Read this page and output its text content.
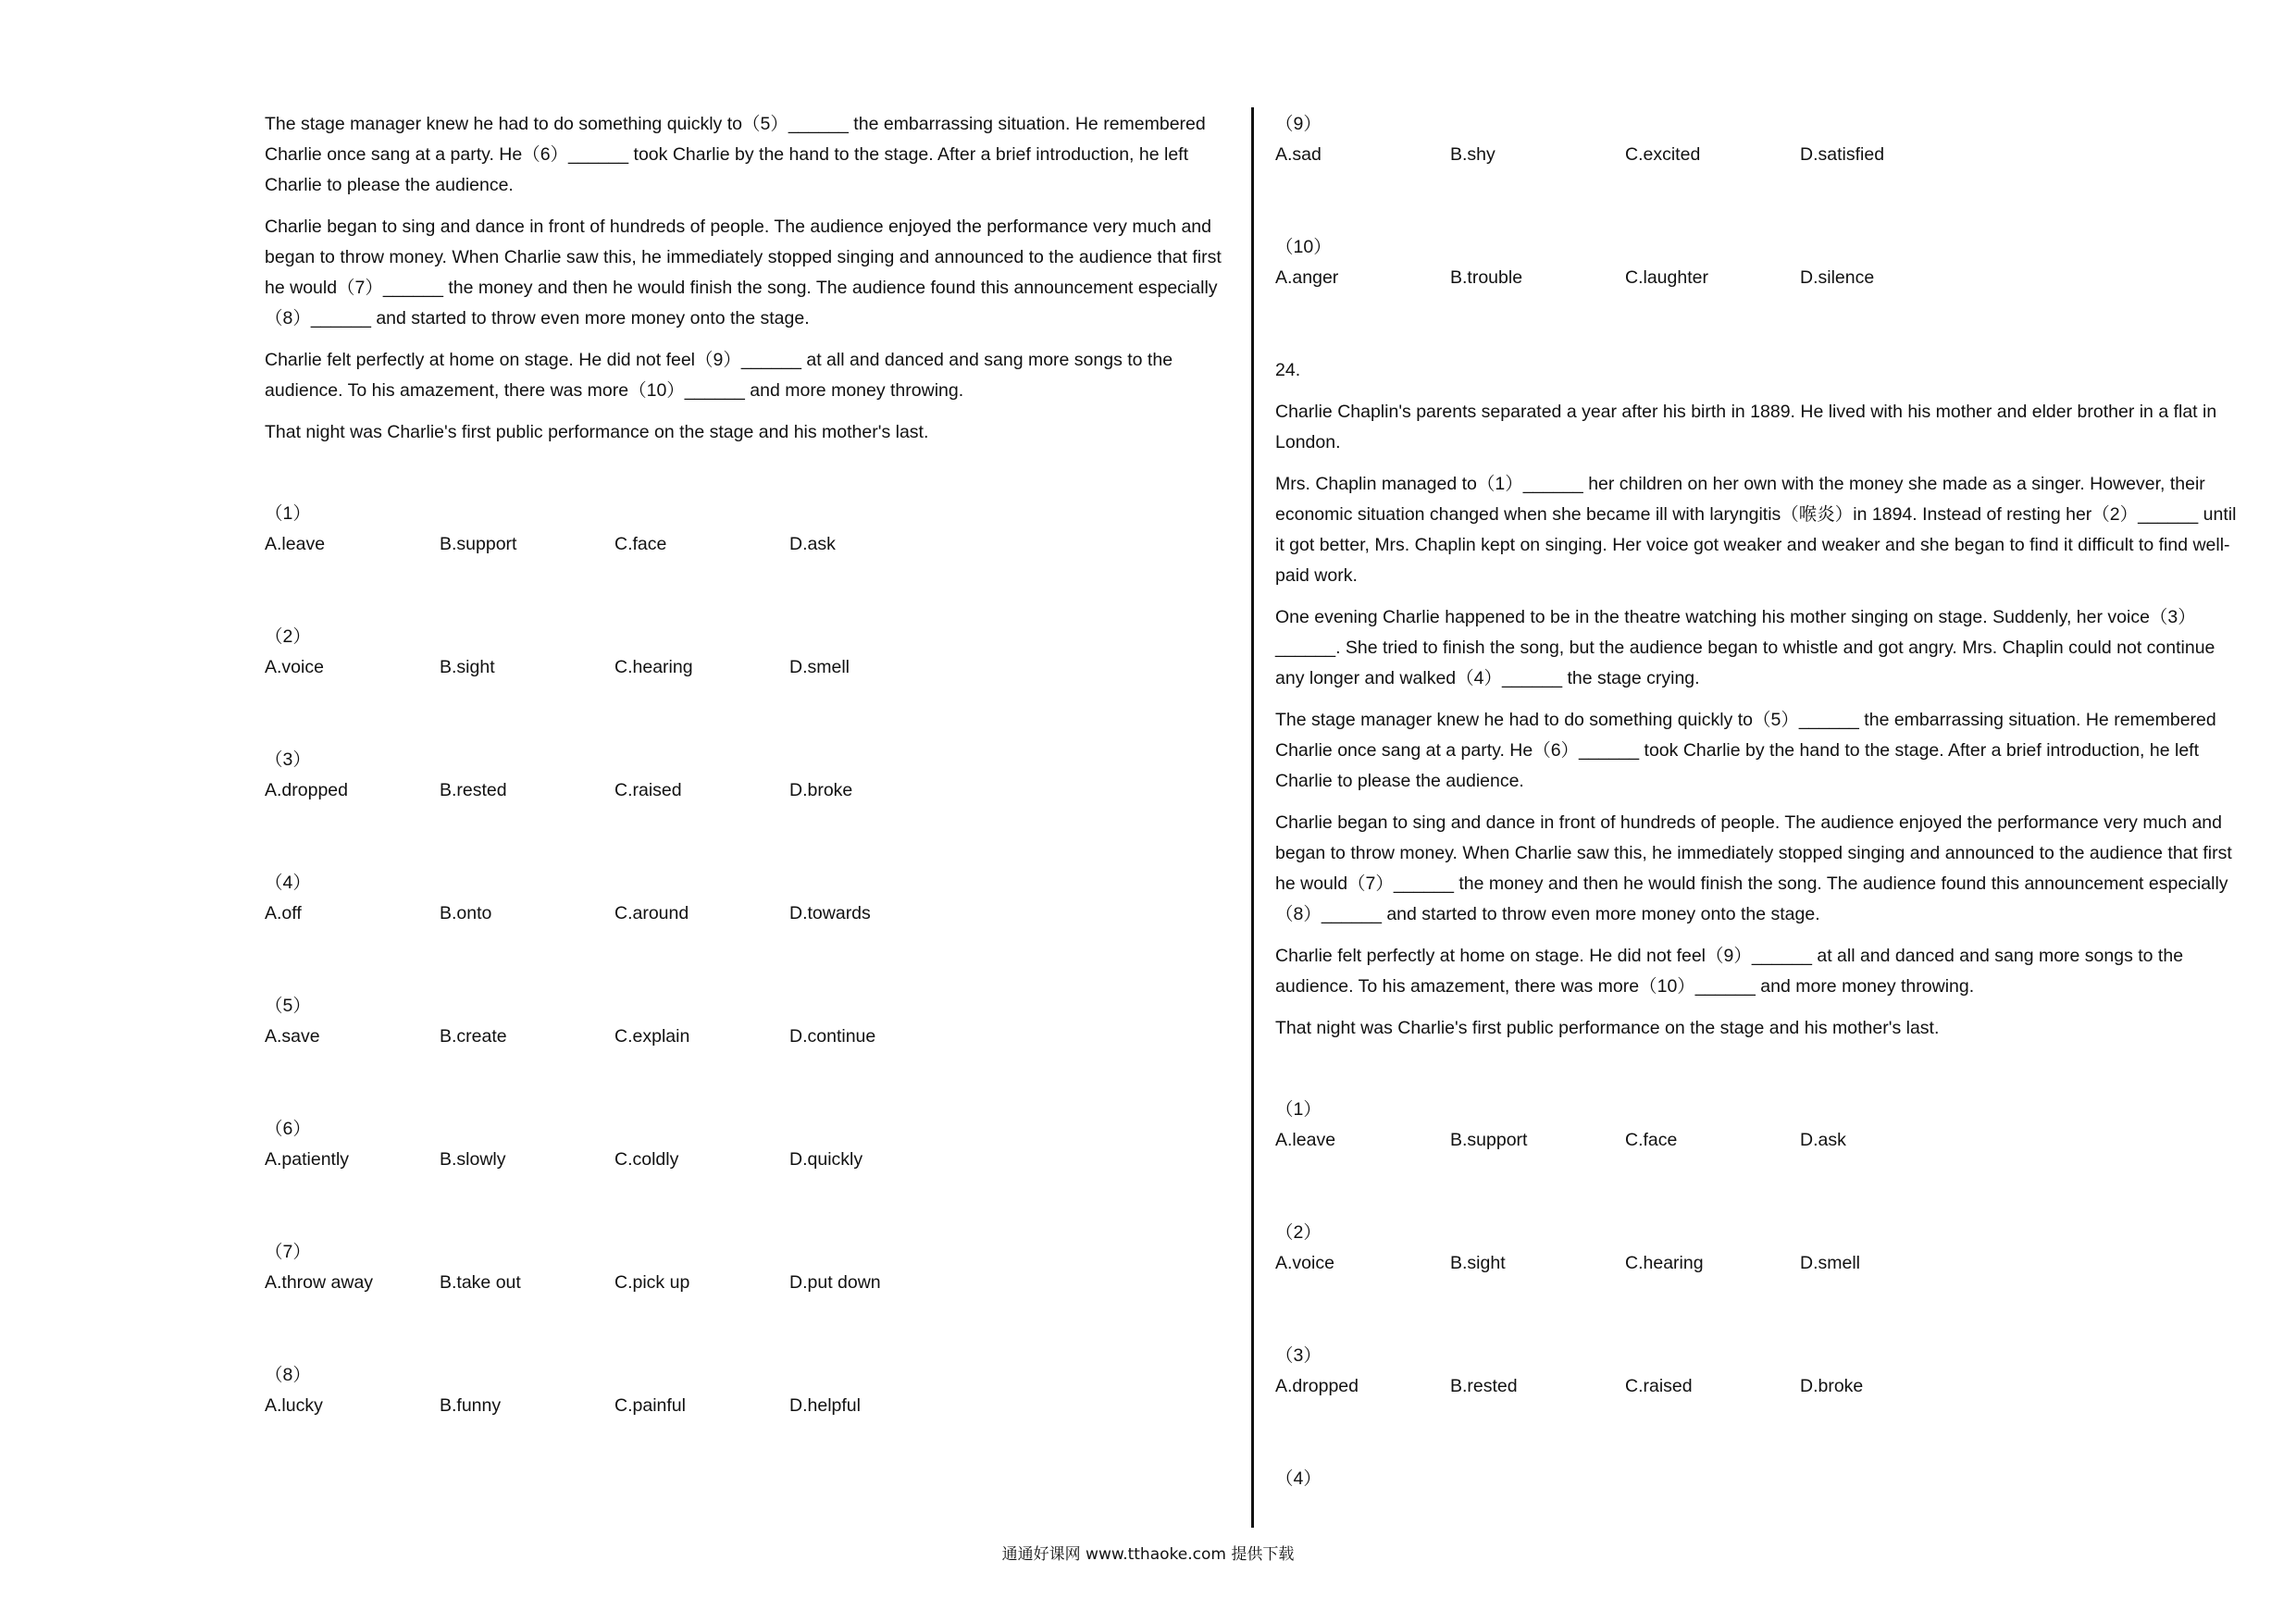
The stage manager knew he had to do something quickly to（5）______ the embarrassing situation. He remembered Charlie once sang at a party. He（6）______ took Charlie by the hand to the stage. After a brief introduction, he left Charlie to please the audience.

Charlie began to sing and dance in front of hundreds of people. The audience enjoyed the performance very much and began to throw money. When Charlie saw this, he immediately stopped singing and announced to the audience that first he would（7）______ the money and then he would finish the song. The audience found this announcement especially（8）______ and started to throw even more money onto the stage.

Charlie felt perfectly at home on stage. He did not feel（9）______ at all and danced and sang more songs to the audience. To his amazement, there was more（10）______ and more money throwing.

That night was Charlie's first public performance on the stage and his mother's last.

（1）
A.leave	B.support	C.face	D.ask
（2）
A.voice	B.sight	C.hearing	D.smell
（3）
A.dropped	B.rested	C.raised	D.broke
（4）
A.off	B.onto	C.around	D.towards
（5）
A.save	B.create	C.explain	D.continue
（6）
A.patiently	B.slowly	C.coldly	D.quickly
（7）
A.throw away	B.take out	C.pick up	D.put down
（8）
A.lucky	B.funny	C.painful	D.helpful
（9）
A.sad	B.shy	C.excited	D.satisfied
（10）
A.anger	B.trouble	C.laughter	D.silence
24.

Charlie Chaplin's parents separated a year after his birth in 1889. He lived with his mother and elder brother in a flat in London.

Mrs. Chaplin managed to（1）______ her children on her own with the money she made as a singer. However, their economic situation changed when she became ill with laryngitis（喉炎）in 1894. Instead of resting her（2）______ until it got better, Mrs. Chaplin kept on singing. Her voice got weaker and weaker and she began to find it difficult to find well-paid work.

One evening Charlie happened to be in the theatre watching his mother singing on stage. Suddenly, her voice（3）______. She tried to finish the song, but the audience began to whistle and got angry. Mrs. Chaplin could not continue any longer and walked（4）______ the stage crying.

The stage manager knew he had to do something quickly to（5）______ the embarrassing situation. He remembered Charlie once sang at a party. He（6）______ took Charlie by the hand to the stage. After a brief introduction, he left Charlie to please the audience.

Charlie began to sing and dance in front of hundreds of people. The audience enjoyed the performance very much and began to throw money. When Charlie saw this, he immediately stopped singing and announced to the audience that first he would（7）______ the money and then he would finish the song. The audience found this announcement especially（8）______ and started to throw even more money onto the stage.

Charlie felt perfectly at home on stage. He did not feel（9）______ at all and danced and sang more songs to the audience. To his amazement, there was more（10）______ and more money throwing.

That night was Charlie's first public performance on the stage and his mother's last.

（1）
A.leave	B.support	C.face	D.ask
（2）
A.voice	B.sight	C.hearing	D.smell
（3）
A.dropped	B.rested	C.raised	D.broke
（4）
通通好课网 www.tthaoke.com 提供下载
